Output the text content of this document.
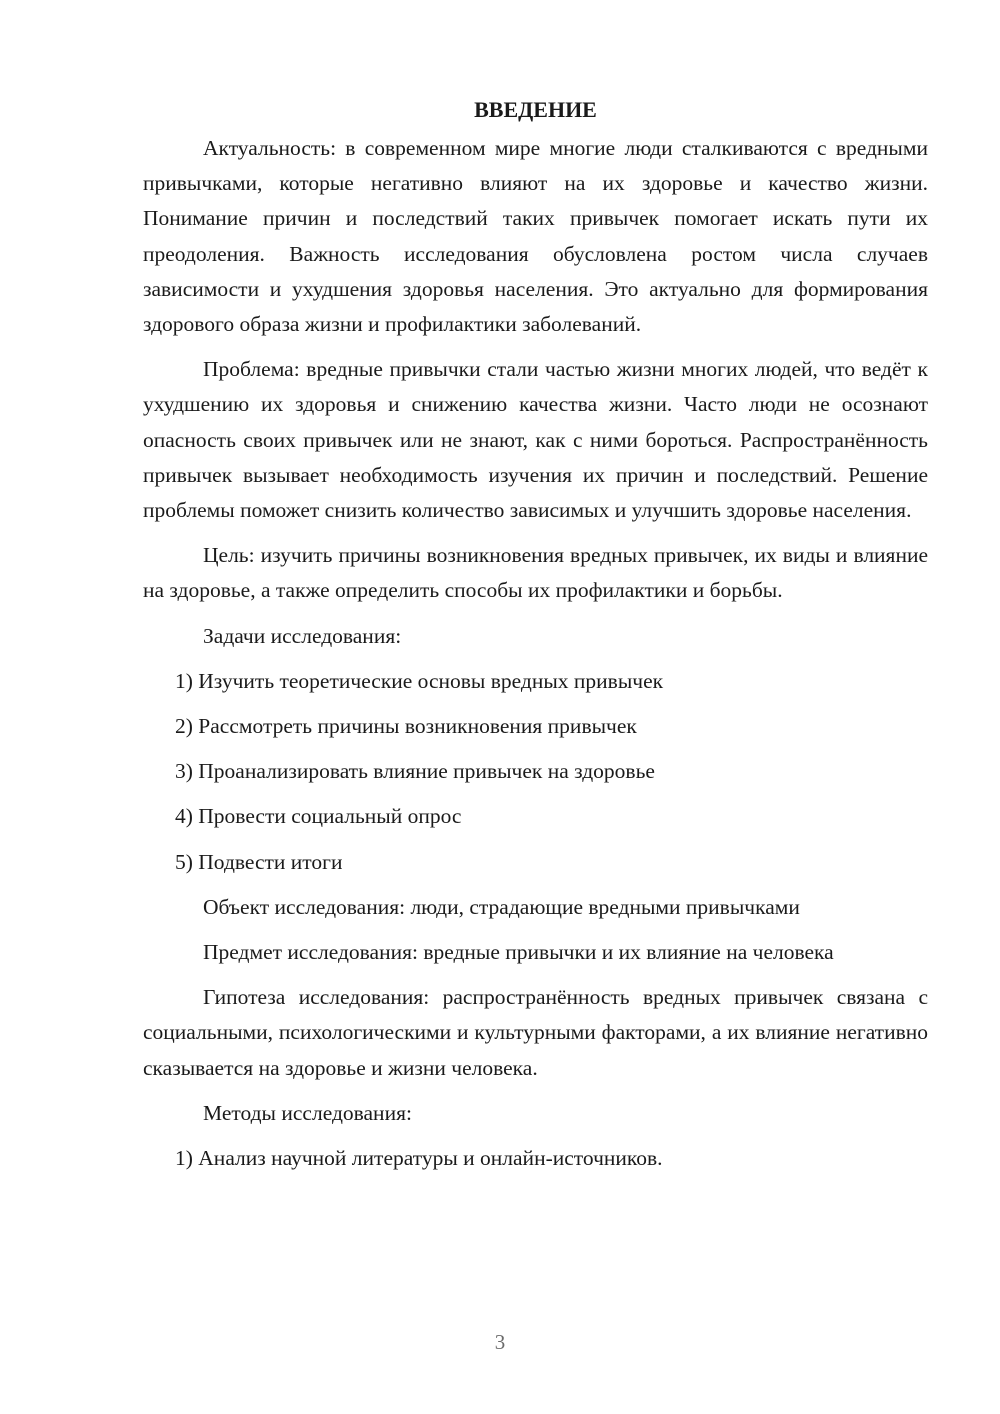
ВВЕДЕНИЕ
Актуальность: в современном мире многие люди сталкиваются с вредными привычками, которые негативно влияют на их здоровье и качество жизни. Понимание причин и последствий таких привычек помогает искать пути их преодоления. Важность исследования обусловлена ростом числа случаев зависимости и ухудшения здоровья населения. Это актуально для формирования здорового образа жизни и профилактики заболеваний.
Проблема: вредные привычки стали частью жизни многих людей, что ведёт к ухудшению их здоровья и снижению качества жизни. Часто люди не осознают опасность своих привычек или не знают, как с ними бороться. Распространённость привычек вызывает необходимость изучения их причин и последствий. Решение проблемы поможет снизить количество зависимых и улучшить здоровье населения.
Цель: изучить причины возникновения вредных привычек, их виды и влияние на здоровье, а также определить способы их профилактики и борьбы.
Задачи исследования:
1) Изучить теоретические основы вредных привычек
2) Рассмотреть причины возникновения привычек
3) Проанализировать влияние привычек на здоровье
4) Провести социальный опрос
5) Подвести итоги
Объект исследования: люди, страдающие вредными привычками
Предмет исследования: вредные привычки и их влияние на человека
Гипотеза исследования: распространённость вредных привычек связана с социальными, психологическими и культурными факторами, а их влияние негативно сказывается на здоровье и жизни человека.
Методы исследования:
1) Анализ научной литературы и онлайн-источников.
3
